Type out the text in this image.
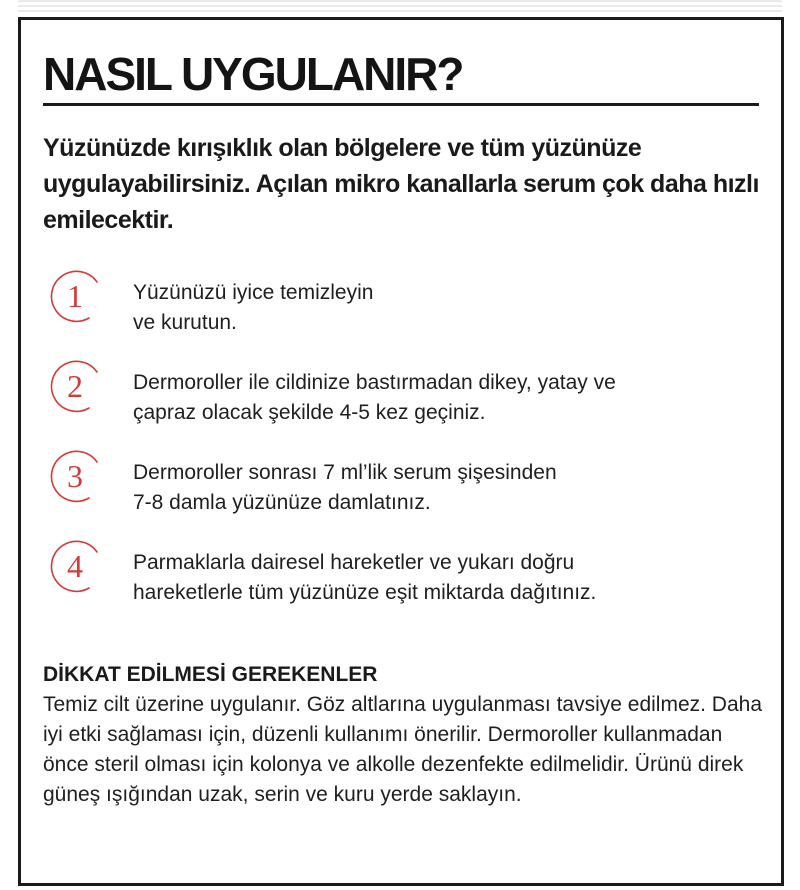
NASIL UYGULANIR?

Yüzünüzde kırışıklık olan bölgelere ve tüm yüzünüze uygulayabilirsiniz. Açılan mikro kanallarla serum çok daha hızlı emilecektir.

1	Yüzünüzü iyice temizleyin
ve kurutun.

2	Dermoroller ile cildinize bastırmadan dikey, yatay ve
çapraz olacak şekilde 4-5 kez geçiniz.

3	Dermoroller sonrası 7 ml’lik serum şişesinden
7-8 damla yüzünüze damlatınız.

4	Parmaklarla dairesel hareketler ve yukarı doğru
hareketlerle tüm yüzünüze eşit miktarda dağıtınız.

DİKKAT EDİLMESİ GEREKENLER

Temiz cilt üzerine uygulanır. Göz altlarına uygulanması tavsiye edilmez. Daha iyi etki sağlaması için, düzenli kullanımı önerilir. Dermoroller kullanmadan önce steril olması için kolonya ve alkolle dezenfekte edilmelidir. Ürünü direk güneş ışığından uzak, serin ve kuru yerde saklayın.
